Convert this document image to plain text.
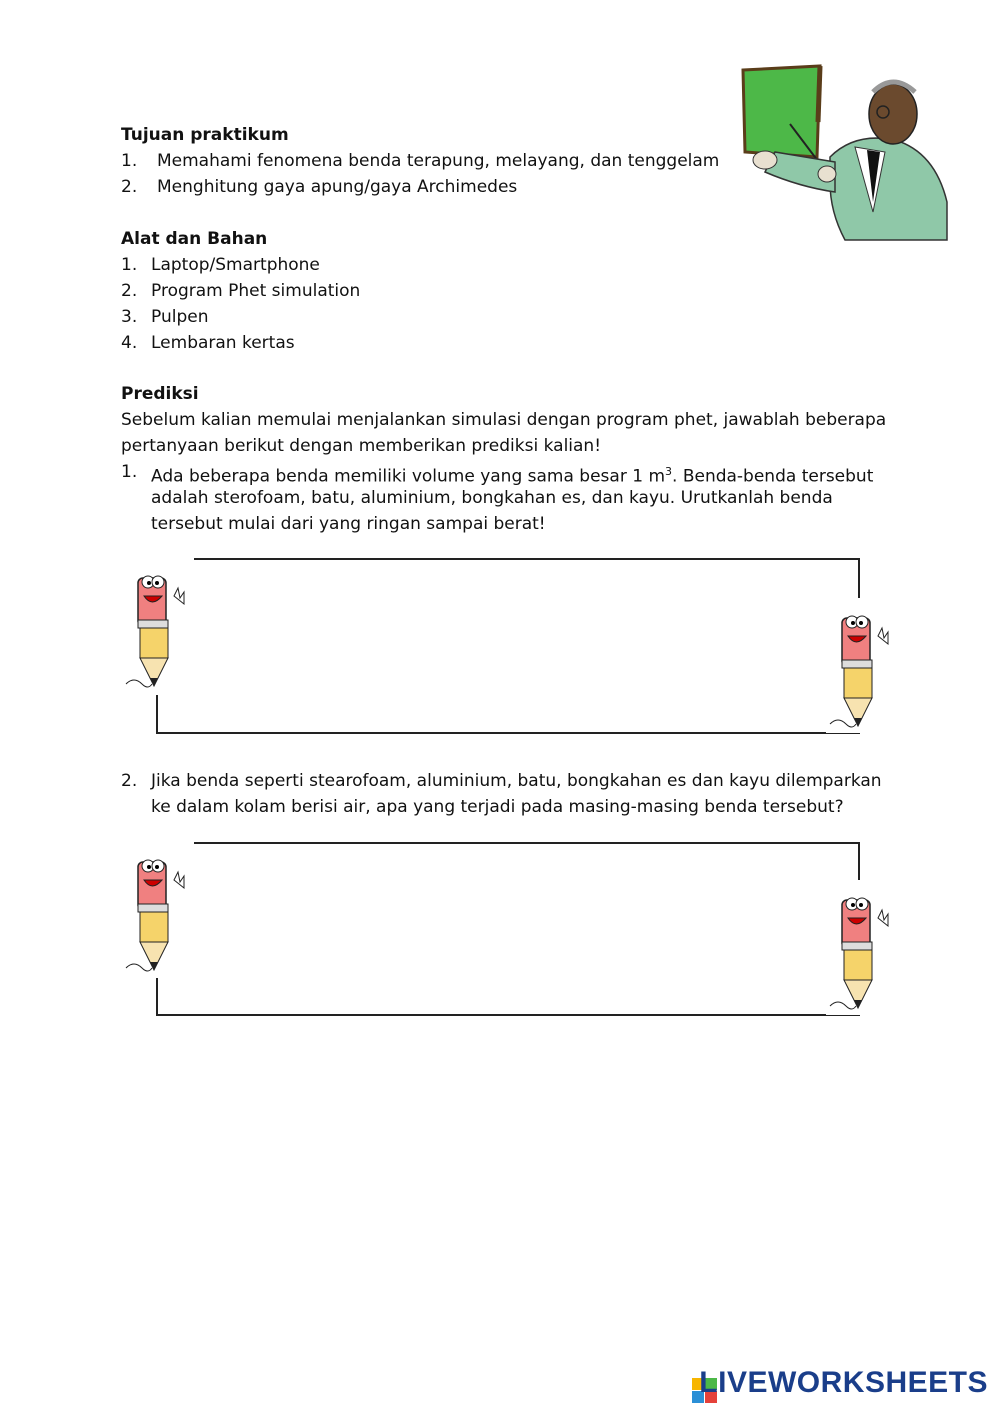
Tujuan praktikum
1. Memahami fenomena benda terapung, melayang, dan tenggelam
2. Menghitung gaya apung/gaya Archimedes
Alat dan Bahan
1. Laptop/Smartphone
2. Program Phet simulation
3. Pulpen
4. Lembaran kertas
Prediksi
Sebelum kalian memulai menjalankan simulasi dengan program phet, jawablah beberapa
pertanyaan berikut dengan memberikan prediksi kalian!
1. Ada beberapa benda memiliki volume yang sama besar 1 $m^3$. Benda-benda tersebut
adalah sterofoam, batu, aluminium, bongkahan es, dan kayu. Urutkanlah benda
tersebut mulai dari yang ringan sampai berat!
2. Jika benda seperti stearofoam, aluminium, batu, bongkahan es dan kayu dilemparkan
ke dalam kolam berisi air, apa yang terjadi pada masing-masing benda tersebut?
LIVEWORKSHEETS
